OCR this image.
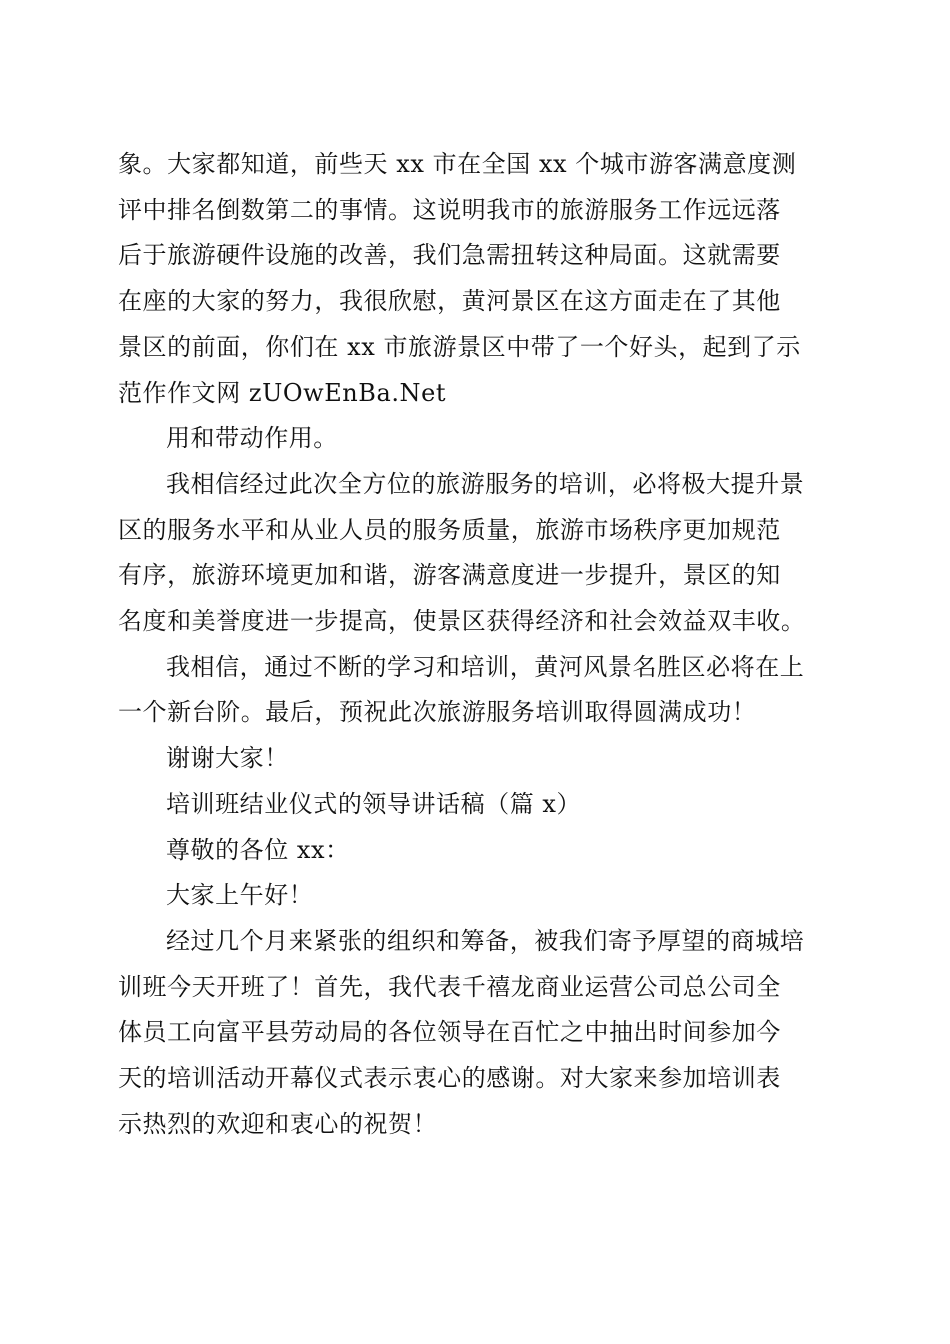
象。大家都知道，前些天 xx 市在全国 xx 个城市游客满意度测
评中排名倒数第二的事情。这说明我市的旅游服务工作远远落
后于旅游硬件设施的改善，我们急需扭转这种局面。这就需要
在座的大家的努力，我很欣慰，黄河景区在这方面走在了其他
景区的前面，你们在 xx 市旅游景区中带了一个好头，起到了示
范作作文网 zUOwEnBa.Net

用和带动作用。

我相信经过此次全方位的旅游服务的培训，必将极大提升景
区的服务水平和从业人员的服务质量，旅游市场秩序更加规范
有序，旅游环境更加和谐，游客满意度进一步提升，景区的知
名度和美誉度进一步提高，使景区获得经济和社会效益双丰收。

我相信，通过不断的学习和培训，黄河风景名胜区必将在上
一个新台阶。最后，预祝此次旅游服务培训取得圆满成功！

谢谢大家！

培训班结业仪式的领导讲话稿（篇 x）

尊敬的各位 xx：

大家上午好！

经过几个月来紧张的组织和筹备，被我们寄予厚望的商城培
训班今天开班了！首先，我代表千禧龙商业运营公司总公司全
体员工向富平县劳动局的各位领导在百忙之中抽出时间参加今
天的培训活动开幕仪式表示衷心的感谢。对大家来参加培训表
示热烈的欢迎和衷心的祝贺！
